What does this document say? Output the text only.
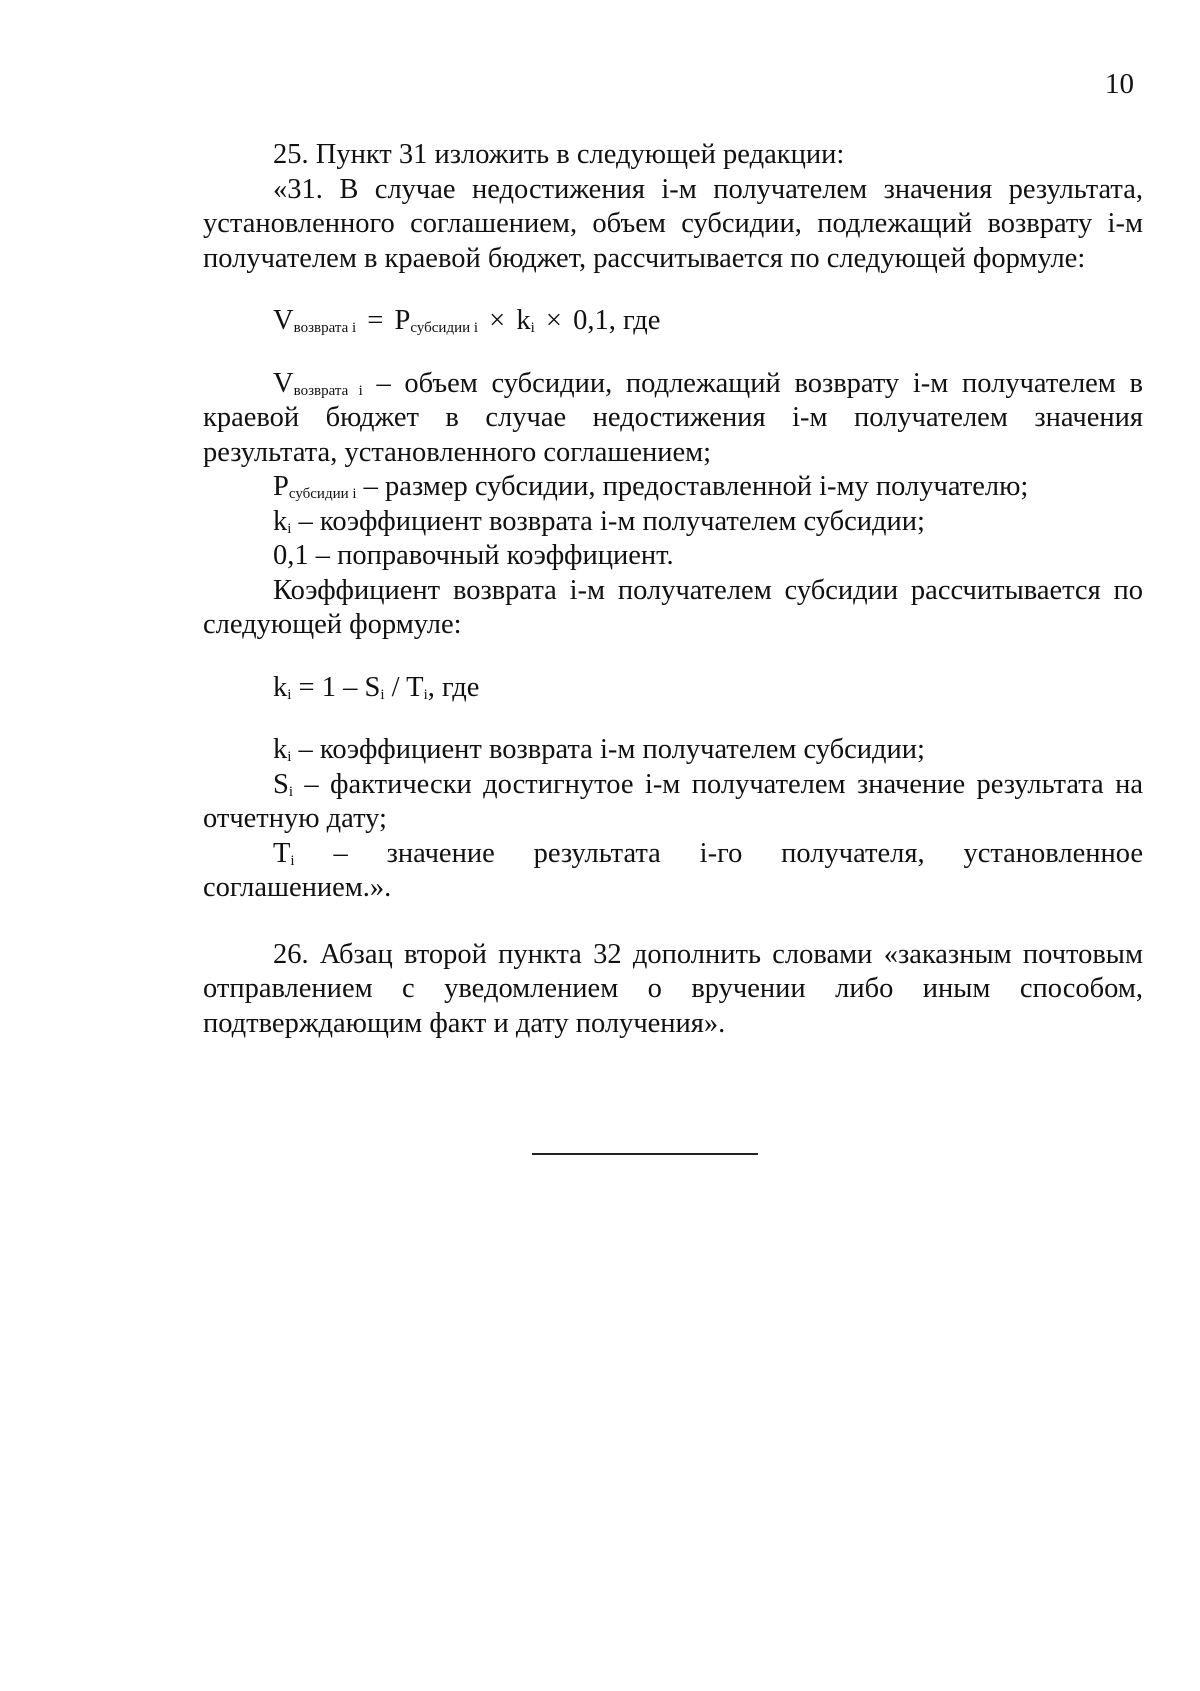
10

25. Пункт 31 изложить в следующей редакции:

«31. В случае недостижения i-м получателем значения результата, установленного соглашением, объем субсидии, подлежащий возврату i-м получателем в краевой бюджет, рассчитывается по следующей формуле:

$V_{возврата i} = P_{субсидии i} \times k_i \times 0,1$, где

$V_{возврата i}$ – объем субсидии, подлежащий возврату i-м получателем в краевой бюджет в случае недостижения i-м получателем значения результата, установленного соглашением;

$P_{субсидии i}$ – размер субсидии, предоставленной i-му получателю;

$k_i$ – коэффициент возврата i-м получателем субсидии;

0,1 – поправочный коэффициент.

Коэффициент возврата i-м получателем субсидии рассчитывается по следующей формуле:

$k_i = 1 - S_i / T_i$, где

$k_i$ – коэффициент возврата i-м получателем субсидии;

$S_i$ – фактически достигнутое i-м получателем значение результата на отчетную дату;

$T_i$ – значение результата i-го получателя, установленное соглашением.».

26. Абзац второй пункта 32 дополнить словами «заказным почтовым отправлением с уведомлением о вручении либо иным способом, подтверждающим факт и дату получения».
